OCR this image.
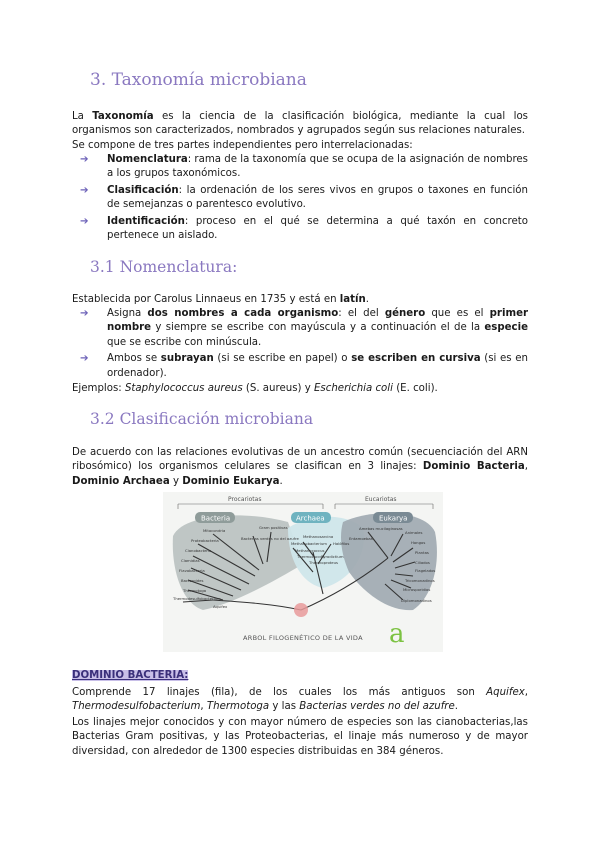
3. Taxonomía microbiana

La Taxonomía es la ciencia de la clasificación biológica, mediante la cual los organismos son caracterizados, nombrados y agrupados según sus relaciones naturales.

Se compone de tres partes independientes pero interrelacionadas:

➔ Nomenclatura: rama de la taxonomía que se ocupa de la asignación de nombres a los grupos taxonómicos.
➔ Clasificación: la ordenación de los seres vivos en grupos o taxones en función de semejanzas o parentesco evolutivo.
➔ Identificación: proceso en el qué se determina a qué taxón en concreto pertenece un aislado.
3.1 Nomenclatura:

Establecida por Carolus Linnaeus en 1735 y está en latín.

➔ Asigna dos nombres a cada organismo: el del género que es el primer nombre y siempre se escribe con mayúscula y a continuación el de la especie que se escribe con minúscula.
➔ Ambos se subrayan (si se escribe en papel) o se escriben en cursiva (si es en ordenador).

Ejemplos: Staphylococcus aureus (S. aureus) y Escherichia coli (E. coli).

3.2 Clasificación microbiana

De acuerdo con las relaciones evolutivas de un ancestro común (secuenciación del ARN ribosómico) los organismos celulares se clasifican en 3 linajes: Dominio Bacteria, Dominio Archaea y Dominio Eukarya.

Procariotas	Eucariotas
Bacteria	Archaea	Eukarya
Gram positivas
Mitocondria
Proteobacteria
Cianobacteria
Clamidias
Flavobacteria
Bacteroides
Thermotoga
Thermodesulfobacterium
Aquifex
Bacterias verdes no del azufre Methanosarcina
Methanobacterium Halófilos
Methanococcus
Thermococcus
Pyrodictium
Thermoproteus
Animales
Amebas mucilaginosas
Hongos
Plantas
Ciliados
Flagelados
Tricomonadinos
Microsporidios
Diplomonadinos
Entamoebas
ARBOL FILOGENÉTICO DE LA VIDA a

DOMINIO BACTERIA:

Comprende 17 linajes (fila), de los cuales los más antiguos son Aquifex, Thermodesulfobacterium, Thermotoga y las Bacterias verdes no del azufre.

Los linajes mejor conocidos y con mayor número de especies son las cianobacterias,las Bacterias Gram positivas, y las Proteobacterias, el linaje más numeroso y de mayor diversidad, con alrededor de 1300 especies distribuidas en 384 géneros.
